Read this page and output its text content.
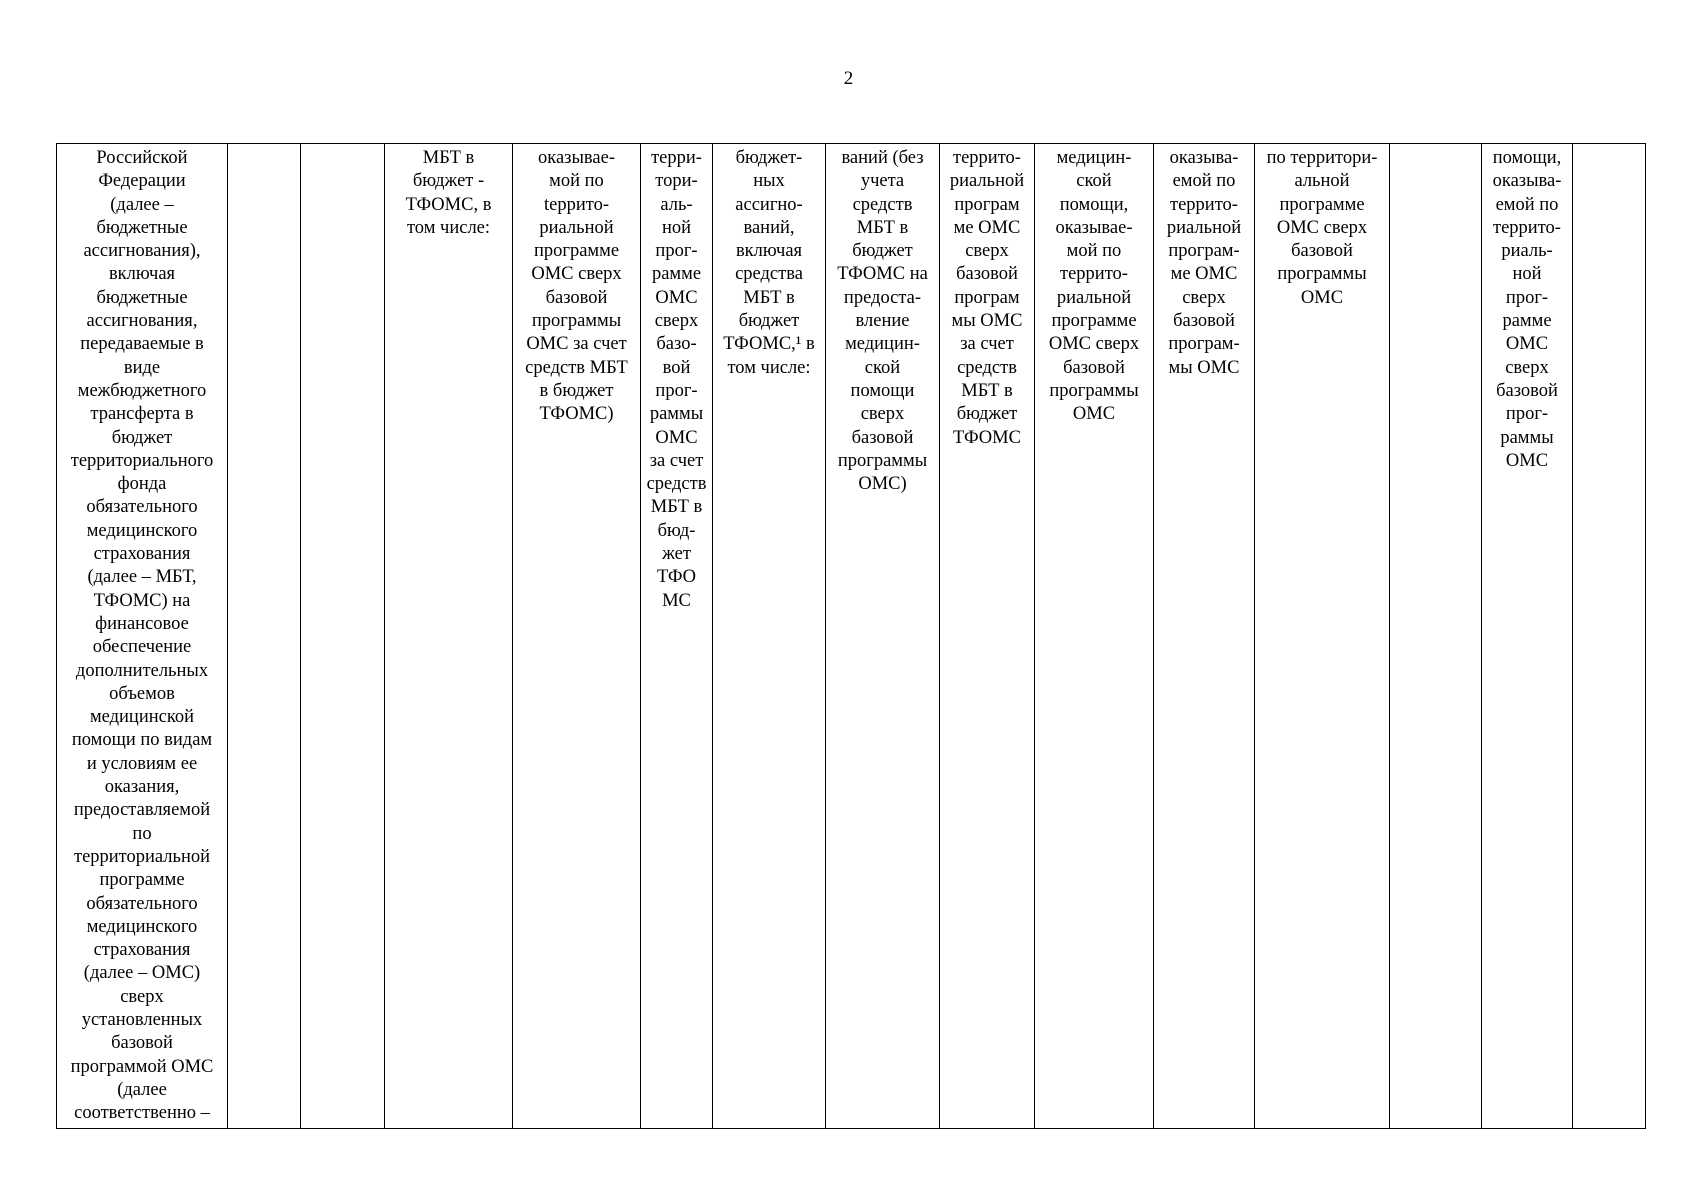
2
Российской
Федерации
(далее –
бюджетные
ассигнования),
включая
бюджетные
ассигнования,
передаваемые в
виде
межбюджетного
трансферта в
бюджет
территориального
фонда
обязательного
медицинского
страхования
(далее – МБТ,
ТФОМС) на
финансовое
обеспечение
дополнительных
объемов
медицинской
помощи по видам
и условиям ее
оказания,
предоставляемой
по
территориальной
программе
обязательного
медицинского
страхования
(далее – ОМС)
сверх
установленных
базовой
программой ОМС
(далее
соответственно –			МБТ в
бюджет -
ТФОМС, в
том числе:	оказывае-
мой по
tеррито-
риальной
программе
ОМС сверх
базовой
программы
ОМС за счет
средств МБТ
в бюджет
ТФОМС)	терри-
тори-
аль-
ной
прог-
рамме
ОМС
сверх
базо-
вой
прог-
раммы
ОМС
за счет
средств
МБТ в
бюд-
жет
ТФО
МС	бюджет-
ных
ассигно-
ваний,
включая
средства
МБТ в
бюджет
ТФОМС,¹ в
том числе:	ваний (без
учета
средств
МБТ в
бюджет
ТФОМС на
предоста-
вление
медицин-
ской
помощи
сверх
базовой
программы
ОМС)	террито-
риальной
програм
ме ОМС
сверх
базовой
програм
мы ОМС
за счет
средств
МБТ в
бюджет
ТФОМС	медицин-
ской
помощи,
оказывае-
мой по
террито-
риальной
программе
ОМС сверх
базовой
программы
ОМС	оказыва-
емой по
террито-
риальной
програм-
ме ОМС
сверх
базовой
програм-
мы ОМС	по территори-
альной
программе
ОМС сверх
базовой
программы
ОМС		помощи,
оказыва-
емой по
террито-
риаль-
ной
прог-
рамме
ОМС
сверх
базовой
прог-
раммы
ОМС	
